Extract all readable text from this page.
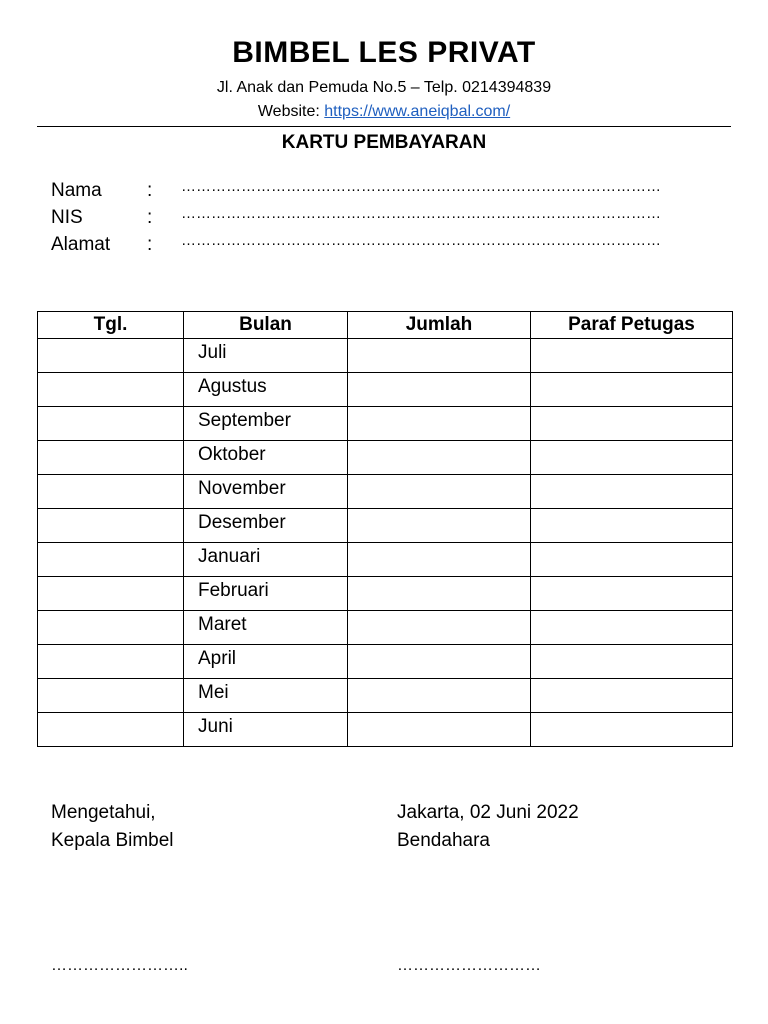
BIMBEL LES PRIVAT
Jl. Anak dan Pemuda No.5 – Telp. 0214394839
Website: https://www.aneiqbal.com/
KARTU PEMBAYARAN
Nama : ……………………………………………………………………………………
NIS	: ……………………………………………………………………………………
Alamat : ……………………………………………………………………………………
Tgl.	Bulan	Jumlah	Paraf Petugas
	Juli		
	Agustus		
	September		
	Oktober		
	November		
	Desember		
	Januari		
	Februari		
	Maret		
	April		
	Mei		
	Juni		
Mengetahui,
Kepala Bimbel
……………………..
Jakarta, 02 Juni 2022
Bendahara
………………………
